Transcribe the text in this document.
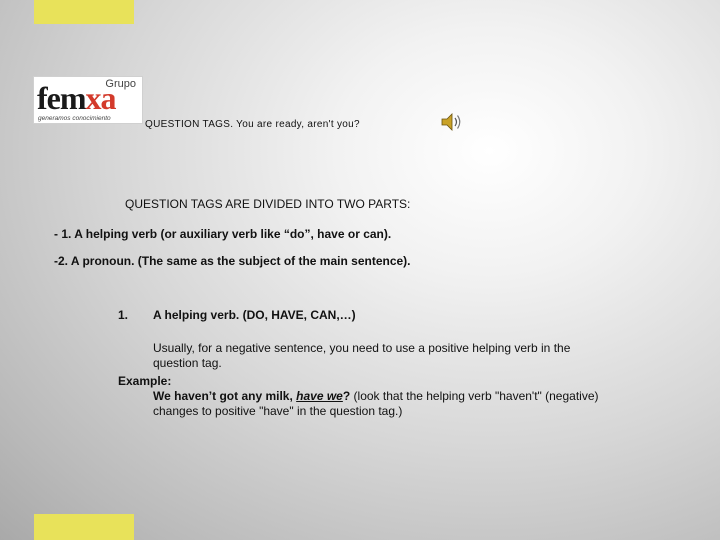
Grupo
femxa
generamos conocimiento
QUESTION TAGS. You are ready, aren't you?
QUESTION TAGS ARE DIVIDED INTO TWO PARTS:
- 1. A helping verb (or auxiliary verb like “do”, have or can).
-2. A pronoun. (The same as the subject of the main sentence).
1. A helping verb. (DO, HAVE, CAN,…)
Usually, for a negative sentence, you need to use a positive helping verb in the question tag.
Example:
We haven’t got any milk, have we? (look that the helping verb "haven't" (negative) changes to positive "have" in the question tag.)
